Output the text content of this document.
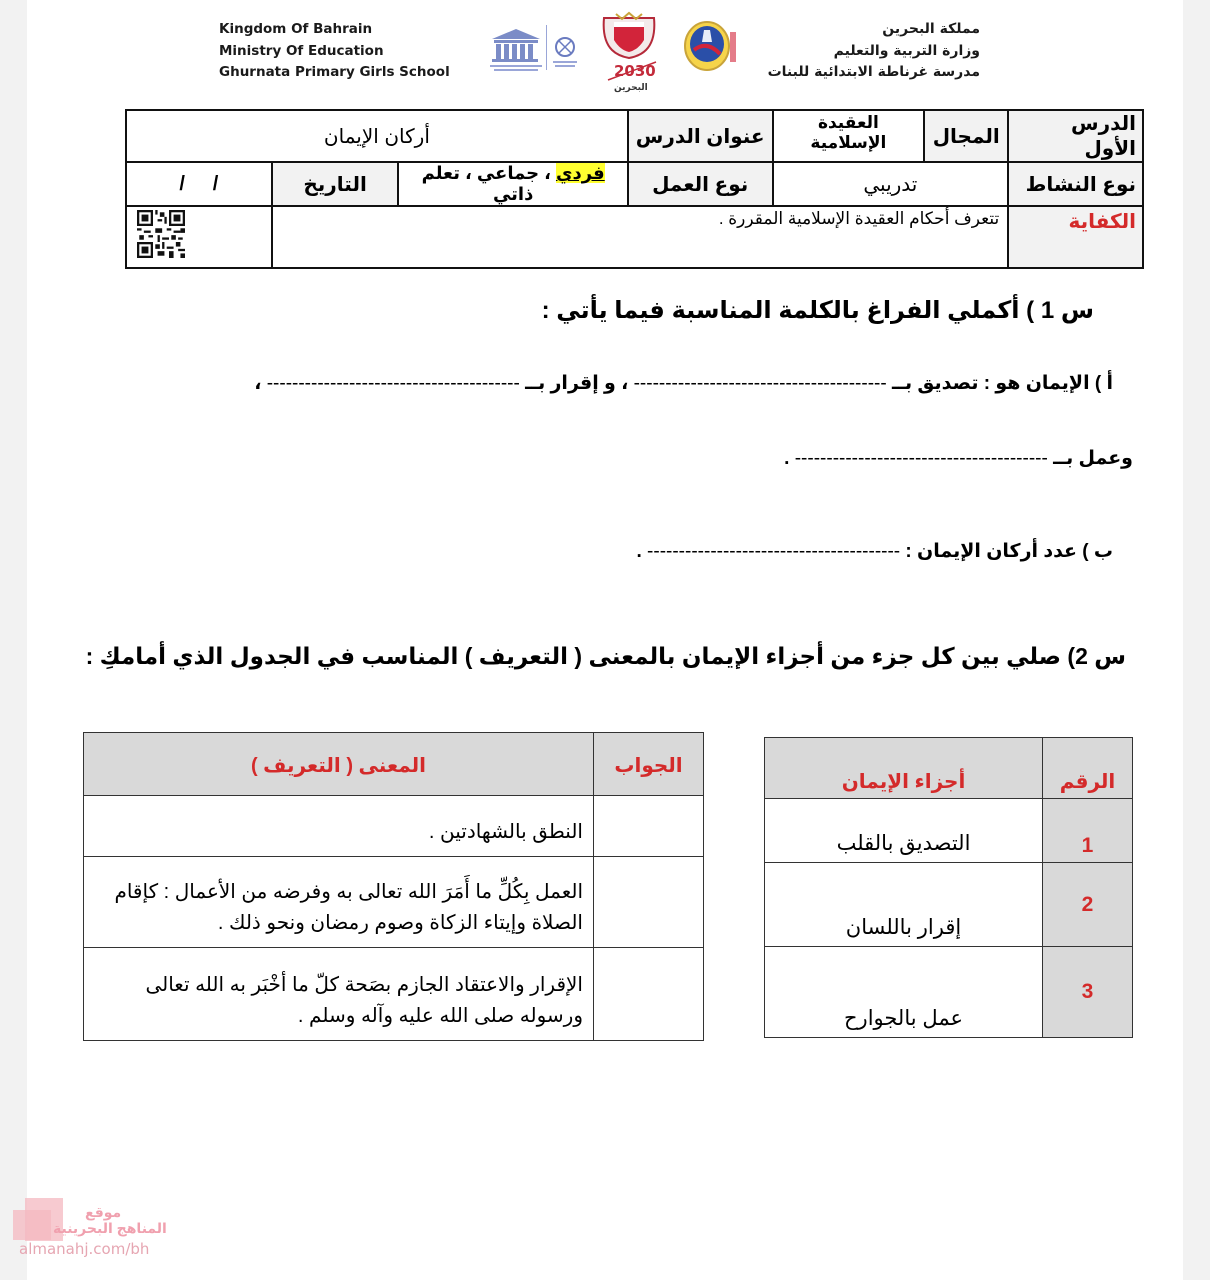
Kingdom Of Bahrain
Ministry Of Education
Ghurnata Primary Girls School	2030
البحرين
مملكة البحرين
وزارة التربية والتعليم
مدرسة غرناطة الابتدائية للبنات
الدرس الأول	المجال	العقيدة الإسلامية	عنوان الدرس	أركان الإيمان		
نوع النشاط	تدريبي		نوع العمل	فردي ، جماعي ، تعلم ذاتي	التاريخ	/     /
الكفاية	تتعرف أحكام العقيدة الإسلامية المقررة .	
س 1 ) أكملي الفراغ بالكلمة المناسبة فيما يأتي :
أ ) الإيمان هو : تصديق بــ ---------------------------------------- ، و إقرار بــ ---------------------------------------- ،
وعمل بــ ---------------------------------------- .
ب ) عدد أركان الإيمان : ---------------------------------------- .
س 2) صلي بين كل جزء من أجزاء الإيمان بالمعنى ( التعريف ) المناسب في الجدول الذي أمامكِ :
الجواب	المعنى ( التعريف )
	النطق بالشهادتين .
	العمل بِكُلِّ ما أَمَرَ الله تعالى به وفرضه من الأعمال : كإقام الصلاة وإيتاء الزكاة وصوم رمضان ونحو ذلك .
	الإقرار والاعتقاد الجازم بصَحة كلّ ما أخْبَر به الله تعالى ورسوله صلى الله عليه وآله وسلم .
الرقم	أجزاء الإيمان
1	التصديق بالقلب
2	إقرار باللسان
3	عمل بالجوارح
موقع
المناهج البحرينية
almanahj.com/bh
